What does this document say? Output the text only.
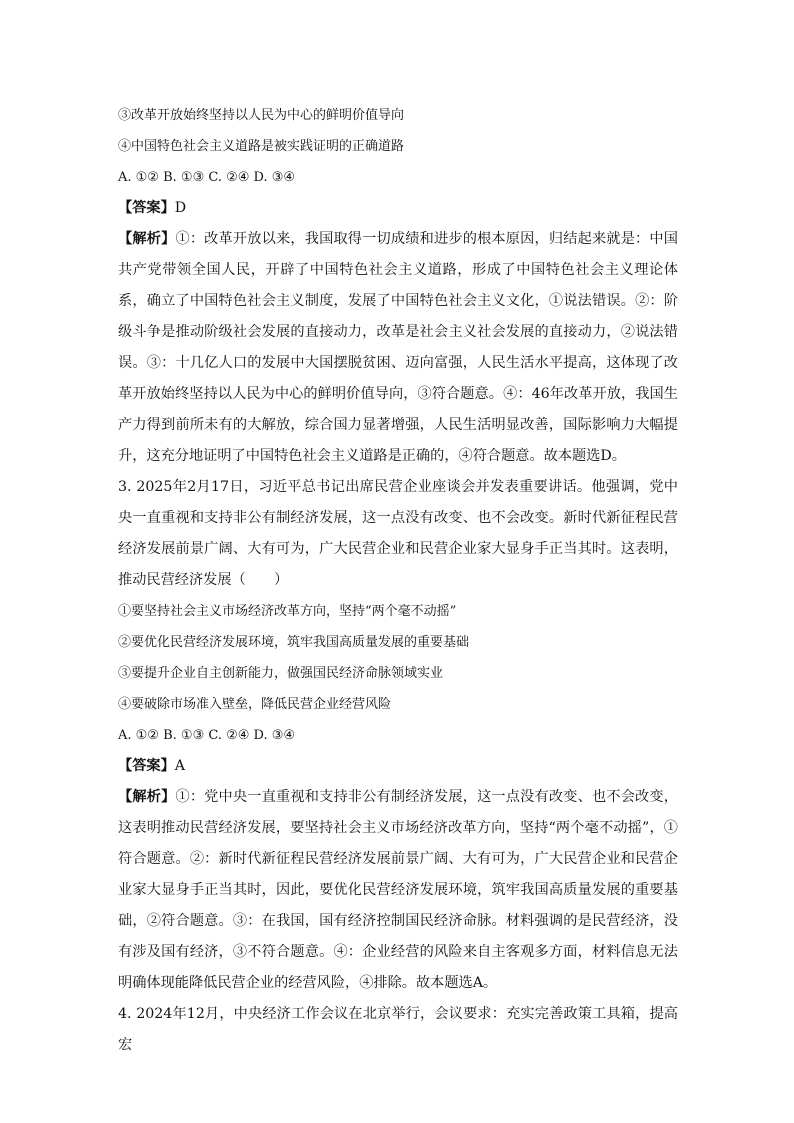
③改革开放始终坚持以人民为中心的鲜明价值导向
④中国特色社会主义道路是被实践证明的正确道路
A. ①② B. ①③ C. ②④ D. ③④
【答案】D

【解析】①：改革开放以来，我国取得一切成绩和进步的根本原因，归结起来就是：中国共产党带领全国人民，开辟了中国特色社会主义道路，形成了中国特色社会主义理论体系，确立了中国特色社会主义制度，发展了中国特色社会主义文化，①说法错误。②：阶级斗争是推动阶级社会发展的直接动力，改革是社会主义社会发展的直接动力，②说法错误。③：十几亿人口的发展中大国摆脱贫困、迈向富强，人民生活水平提高，这体现了改革开放始终坚持以人民为中心的鲜明价值导向，③符合题意。④：46年改革开放，我国生产力得到前所未有的大解放，综合国力显著增强，人民生活明显改善，国际影响力大幅提升，这充分地证明了中国特色社会主义道路是正确的，④符合题意。故本题选D。

3. 2025年2月17日，习近平总书记出席民营企业座谈会并发表重要讲话。他强调，党中央一直重视和支持非公有制经济发展，这一点没有改变、也不会改变。新时代新征程民营经济发展前景广阔、大有可为，广大民营企业和民营企业家大显身手正当其时。这表明，推动民营经济发展（　　）

①要坚持社会主义市场经济改革方向，坚持“两个毫不动摇”
②要优化民营经济发展环境，筑牢我国高质量发展的重要基础
③要提升企业自主创新能力，做强国民经济命脉领域实业
④要破除市场准入壁垒，降低民营企业经营风险
A. ①② B. ①③ C. ②④ D. ③④
【答案】A

【解析】①：党中央一直重视和支持非公有制经济发展，这一点没有改变、也不会改变，这表明推动民营经济发展，要坚持社会主义市场经济改革方向，坚持“两个毫不动摇”，①符合题意。②：新时代新征程民营经济发展前景广阔、大有可为，广大民营企业和民营企业家大显身手正当其时，因此，要优化民营经济发展环境，筑牢我国高质量发展的重要基础，②符合题意。③：在我国，国有经济控制国民经济命脉。材料强调的是民营经济，没有涉及国有经济，③不符合题意。④：企业经营的风险来自主客观多方面，材料信息无法明确体现能降低民营企业的经营风险，④排除。故本题选A。

4. 2024年12月，中央经济工作会议在北京举行，会议要求：充实完善政策工具箱，提高宏
